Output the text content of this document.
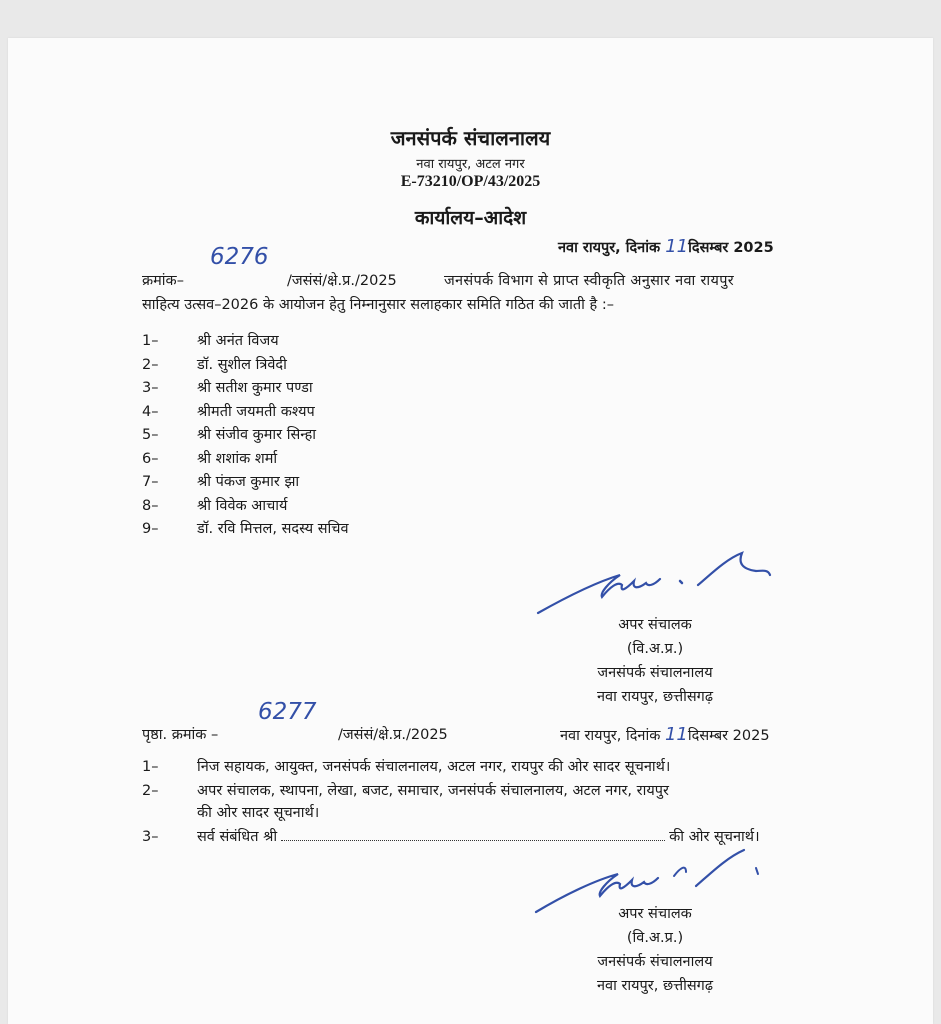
जनसंपर्क संचालनालय
नवा रायपुर, अटल नगर
E-73210/OP/43/2025
कार्यालय–आदेश
नवा रायपुर, दिनांक 11दिसम्बर 2025
क्रमांक–
6276
/जसंसं/क्षे.प्र./2025	जनसंपर्क विभाग से प्राप्त स्वीकृति अनुसार नवा रायपुर
साहित्य उत्सव–2026 के आयोजन हेतु निम्नानुसार सलाहकार समिति गठित की जाती है :–
1–	श्री अनंत विजय
2–	डॉ. सुशील त्रिवेदी
3–	श्री सतीश कुमार पण्डा
4–	श्रीमती जयमती कश्यप
5–	श्री संजीव कुमार सिन्हा
6–	श्री शशांक शर्मा
7–	श्री पंकज कुमार झा
8–	श्री विवेक आचार्य
9–	डॉ. रवि मित्तल, सदस्य सचिव
अपर संचालक
(वि.अ.प्र.)
जनसंपर्क संचालनालय
नवा रायपुर, छत्तीसगढ़
पृष्ठा. क्रमांक –
6277
/जसंसं/क्षे.प्र./2025	नवा रायपुर, दिनांक 11दिसम्बर 2025
1–	निज सहायक, आयुक्त, जनसंपर्क संचालनालय, अटल नगर, रायपुर की ओर सादर सूचनार्थ।
2–	अपर संचालक, स्थापना, लेखा, बजट, समाचार, जनसंपर्क संचालनालय, अटल नगर, रायपुर
की ओर सादर सूचनार्थ।
3–	सर्व संबंधित श्री	की ओर सूचनार्थ।
अपर संचालक
(वि.अ.प्र.)
जनसंपर्क संचालनालय
नवा रायपुर, छत्तीसगढ़
